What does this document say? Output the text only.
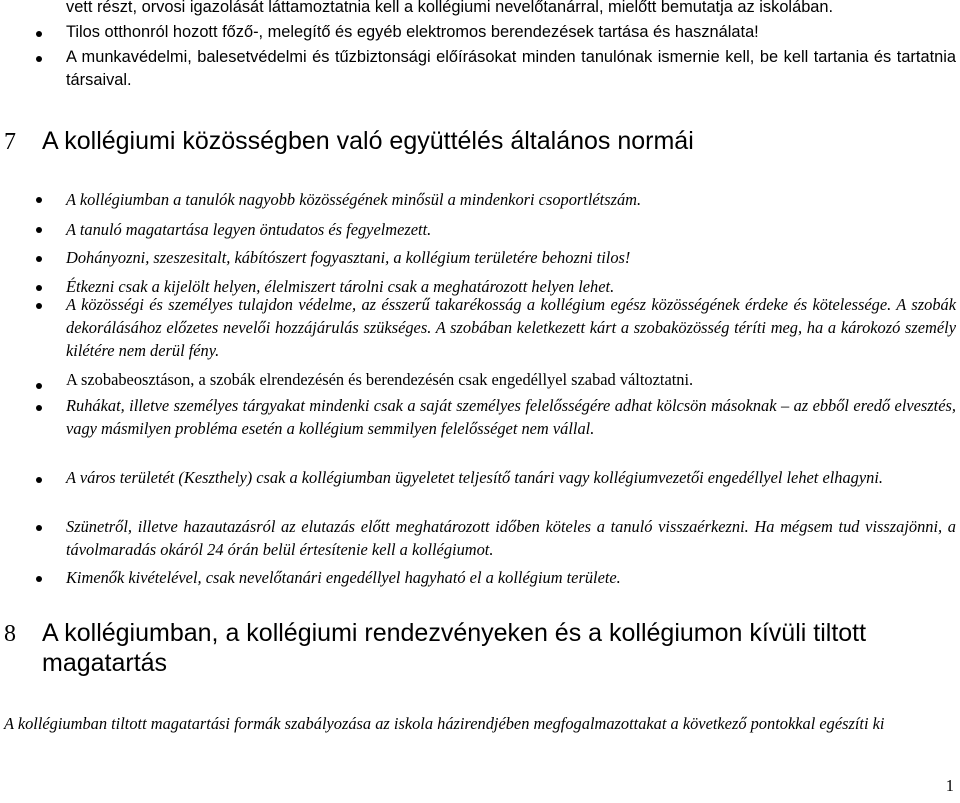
vett részt, orvosi igazolását láttamoztatnia kell a kollégiumi nevelőtanárral, mielőtt bemutatja az iskolában.
Tilos otthonról hozott főző-, melegítő és egyéb elektromos berendezések tartása és használata!
A munkavédelmi, balesetvédelmi és tűzbiztonsági előírásokat minden tanulónak ismernie kell, be kell tartania és tartatnia társaival.
7 A kollégiumi közösségben való együttélés általános normái
A kollégiumban a tanulók nagyobb közösségének minősül a mindenkori csoportlétszám.
A tanuló magatartása legyen öntudatos és fegyelmezett.
Dohányozni, szeszesitalt, kábítószert fogyasztani, a kollégium területére behozni tilos!
Étkezni csak a kijelölt helyen, élelmiszert tárolni csak a meghatározott helyen lehet.
A közösségi és személyes tulajdon védelme, az ésszerű takarékosság a kollégium egész közösségének érdeke és kötelessége. A szobák dekorálásához előzetes nevelői hozzájárulás szükséges. A szobában keletkezett kárt a szobaközösség téríti meg, ha a károkozó személy kilétére nem derül fény.
A szobabeosztáson, a szobák elrendezésén és berendezésén csak engedéllyel szabad változtatni.
Ruhákat, illetve személyes tárgyakat mindenki csak a saját személyes felelősségére adhat kölcsön másoknak – az ebből eredő elvesztés, vagy másmilyen probléma esetén a kollégium semmilyen felelősséget nem vállal.
A város területét (Keszthely) csak a kollégiumban ügyeletet teljesítő tanári vagy kollégiumvezetői engedéllyel lehet elhagyni.
Szünetről, illetve hazautazásról az elutazás előtt meghatározott időben köteles a tanuló visszaérkezni. Ha mégsem tud visszajönni, a távolmaradás okáról 24 órán belül értesítenie kell a kollégiumot.
Kimenők kivételével, csak nevelőtanári engedéllyel hagyható el a kollégium területe.
8 A kollégiumban, a kollégiumi rendezvényeken és a kollégiumon kívüli tiltott magatartás
A kollégiumban tiltott magatartási formák szabályozása az iskola házirendjében megfogalmazottakat a következő pontokkal egészíti ki
1
